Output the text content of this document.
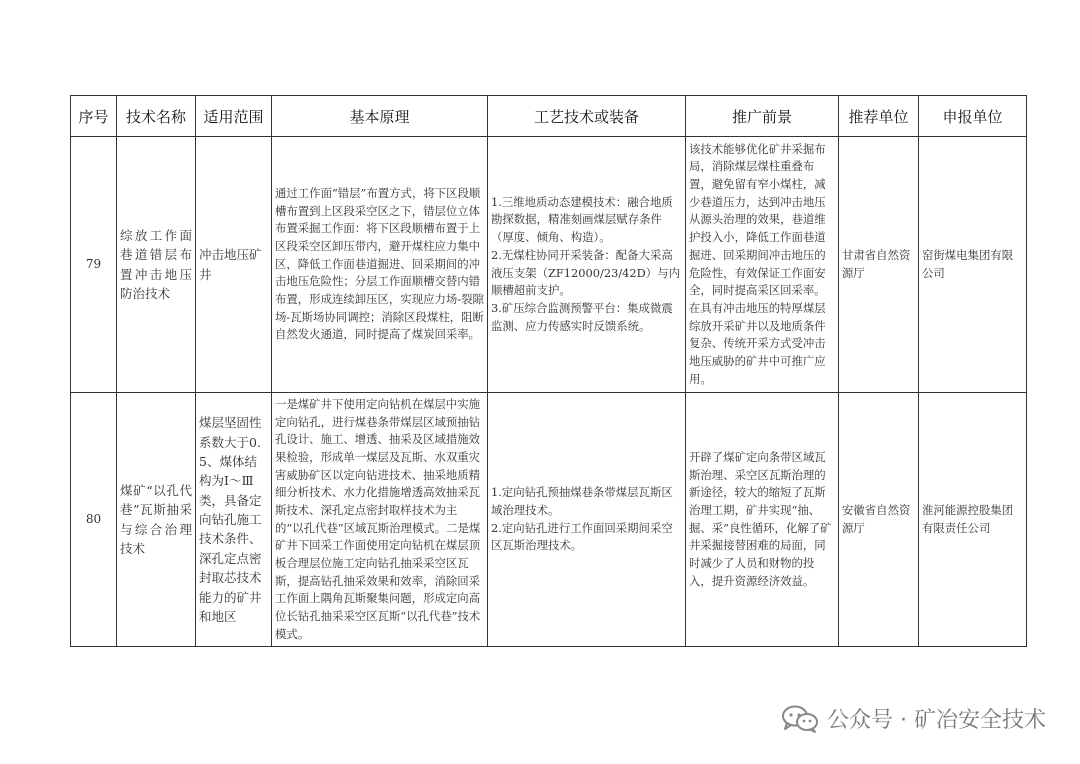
序号	技术名称	适用范围	基本原理	工艺技术或装备	推广前景	推荐单位	申报单位
79	综放工作面巷道错层布置冲击地压防治技术	冲击地压矿井	通过工作面“错层”布置方式，将下区段顺槽布置到上区段采空区之下，错层位立体布置采掘工作面：将下区段顺槽布置于上区段采空区卸压带内，避开煤柱应力集中区，降低工作面巷道掘进、回采期间的冲击地压危险性；分层工作面顺槽交替内错布置，形成连续卸压区，实现应力场-裂隙场-瓦斯场协同调控；消除区段煤柱，阻断自然发火通道，同时提高了煤炭回采率。	1.三维地质动态建模技术：融合地质勘探数据，精准刻画煤层赋存条件（厚度、倾角、构造）。
2.无煤柱协同开采装备：配备大采高液压支架（ZF12000/23/42D）与内顺槽超前支护。
3.矿压综合监测预警平台：集成微震监测、应力传感实时反馈系统。	该技术能够优化矿井采掘布局，消除煤层煤柱重叠布置，避免留有窄小煤柱，减少巷道压力，达到冲击地压从源头治理的效果，巷道维护投入小，降低工作面巷道掘进、回采期间冲击地压的危险性，有效保证工作面安全，同时提高采区回采率。在具有冲击地压的特厚煤层综放开采矿井以及地质条件复杂、传统开采方式受冲击地压威胁的矿井中可推广应用。	甘肃省自然资源厅	窑街煤电集团有限公司
80	煤矿“以孔代巷”瓦斯抽采与综合治理技术	煤层坚固性系数大于0.5、煤体结构为Ⅰ～Ⅲ类，具备定向钻孔施工技术条件、深孔定点密封取芯技术能力的矿井和地区	一是煤矿井下使用定向钻机在煤层中实施定向钻孔，进行煤巷条带煤层区域预抽钻孔设计、施工、增透、抽采及区域措施效果检验，形成单一煤层及瓦斯、水双重灾害威胁矿区以定向钻进技术、抽采地质精细分析技术、水力化措施增透高效抽采瓦斯技术、深孔定点密封取样技术为主的“以孔代巷”区域瓦斯治理模式。二是煤矿井下回采工作面使用定向钻机在煤层顶板合理层位施工定向钻孔抽采采空区瓦斯，提高钻孔抽采效果和效率，消除回采工作面上隅角瓦斯聚集问题，形成定向高位长钻孔抽采采空区瓦斯“以孔代巷”技术模式。	1.定向钻孔预抽煤巷条带煤层瓦斯区域治理技术。
2.定向钻孔进行工作面回采期间采空区瓦斯治理技术。	开辟了煤矿定向条带区域瓦斯治理、采空区瓦斯治理的新途径，较大的缩短了瓦斯治理工期，矿井实现“抽、掘、采”良性循环，化解了矿井采掘接替困难的局面，同时减少了人员和财物的投入，提升资源经济效益。	安徽省自然资源厅	淮河能源控股集团有限责任公司
公众号 · 矿冶安全技术
